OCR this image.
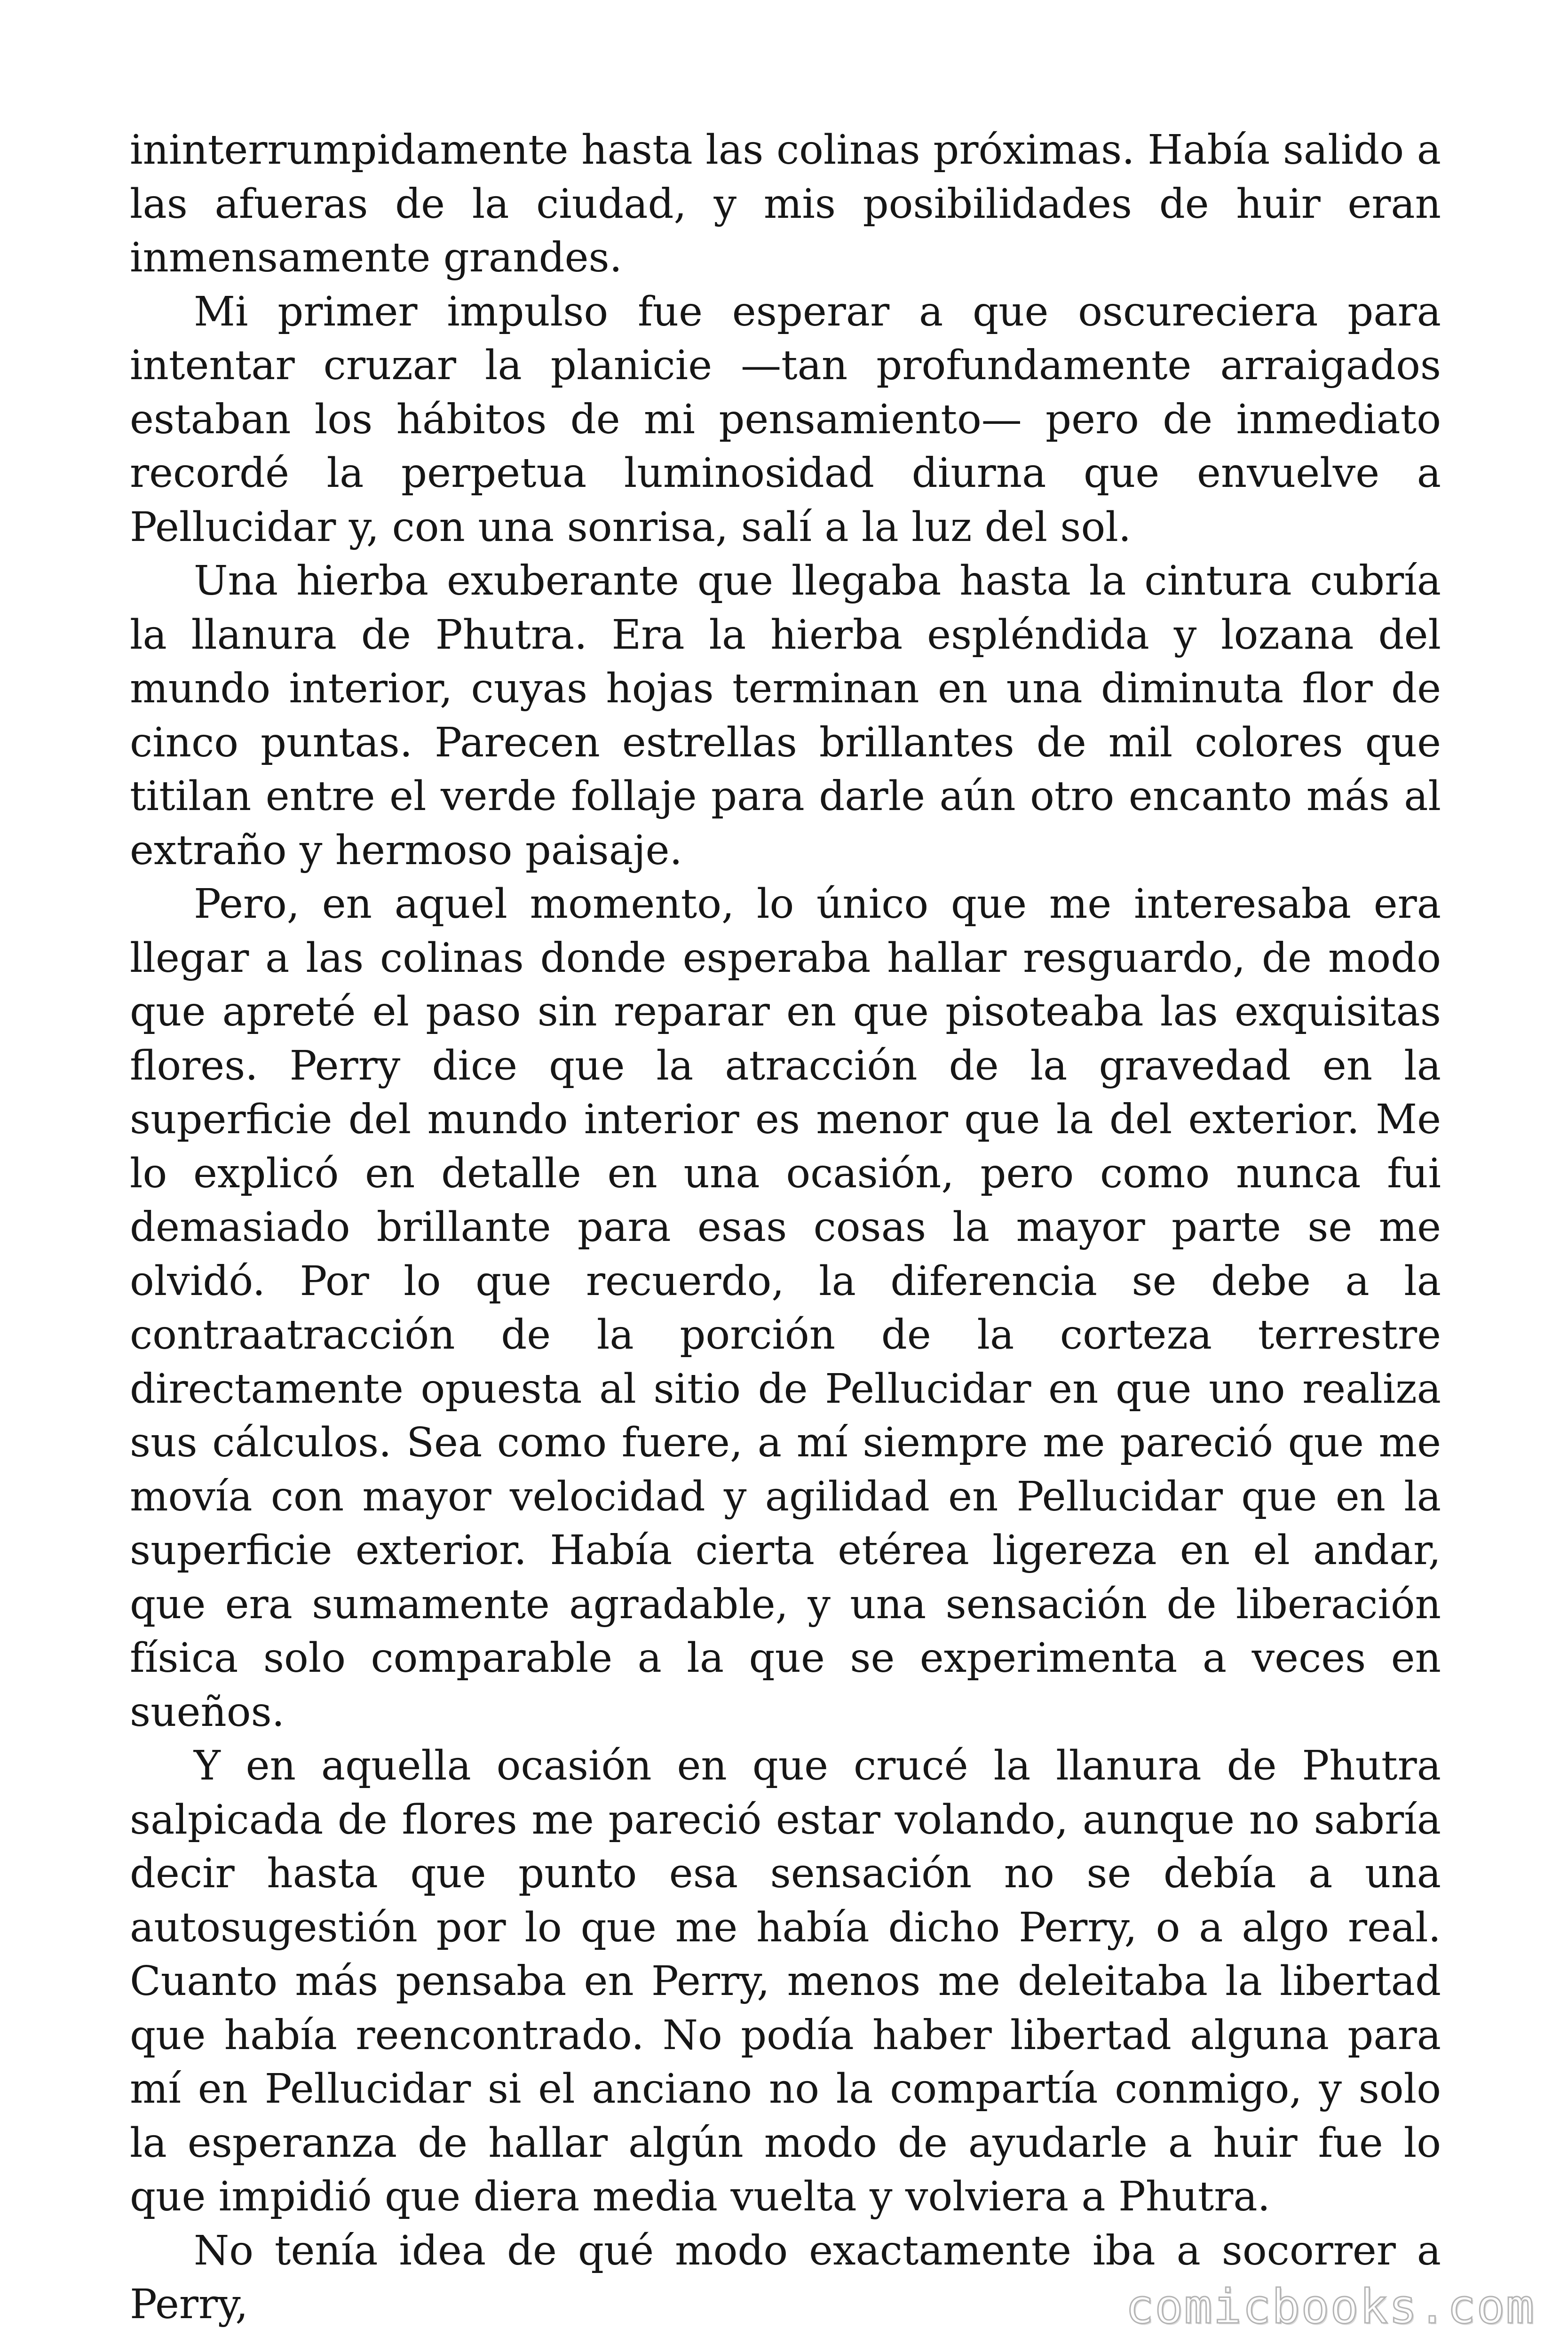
ininterrumpidamente hasta las colinas próximas. Había salido a las afueras de la ciudad, y mis posibilidades de huir eran inmensamente grandes.

Mi primer impulso fue esperar a que oscureciera para intentar cruzar la planicie —tan profundamente arraigados estaban los hábitos de mi pensamiento— pero de inmediato recordé la perpetua luminosidad diurna que envuelve a Pellucidar y, con una sonrisa, salí a la luz del sol.

Una hierba exuberante que llegaba hasta la cintura cubría la llanura de Phutra. Era la hierba espléndida y lozana del mundo interior, cuyas hojas terminan en una diminuta flor de cinco puntas. Parecen estrellas brillantes de mil colores que titilan entre el verde follaje para darle aún otro encanto más al extraño y hermoso paisaje.

Pero, en aquel momento, lo único que me interesaba era llegar a las colinas donde esperaba hallar resguardo, de modo que apreté el paso sin reparar en que pisoteaba las exquisitas flores. Perry dice que la atracción de la gravedad en la superficie del mundo interior es menor que la del exterior. Me lo explicó en detalle en una ocasión, pero como nunca fui demasiado brillante para esas cosas la mayor parte se me olvidó. Por lo que recuerdo, la diferencia se debe a la contraatracción de la porción de la corteza terrestre directamente opuesta al sitio de Pellucidar en que uno realiza sus cálculos. Sea como fuere, a mí siempre me pareció que me movía con mayor velocidad y agilidad en Pellucidar que en la superficie exterior. Había cierta etérea ligereza en el andar, que era sumamente agradable, y una sensación de liberación física solo comparable a la que se experimenta a veces en sueños.

Y en aquella ocasión en que crucé la llanura de Phutra salpicada de flores me pareció estar volando, aunque no sabría decir hasta que punto esa sensación no se debía a una autosugestión por lo que me había dicho Perry, o a algo real. Cuanto más pensaba en Perry, menos me deleitaba la libertad que había reencontrado. No podía haber libertad alguna para mí en Pellucidar si el anciano no la compartía conmigo, y solo la esperanza de hallar algún modo de ayudarle a huir fue lo que impidió que diera media vuelta y volviera a Phutra.

No tenía idea de qué modo exactamente iba a socorrer a Perry,	comicbooks.com
